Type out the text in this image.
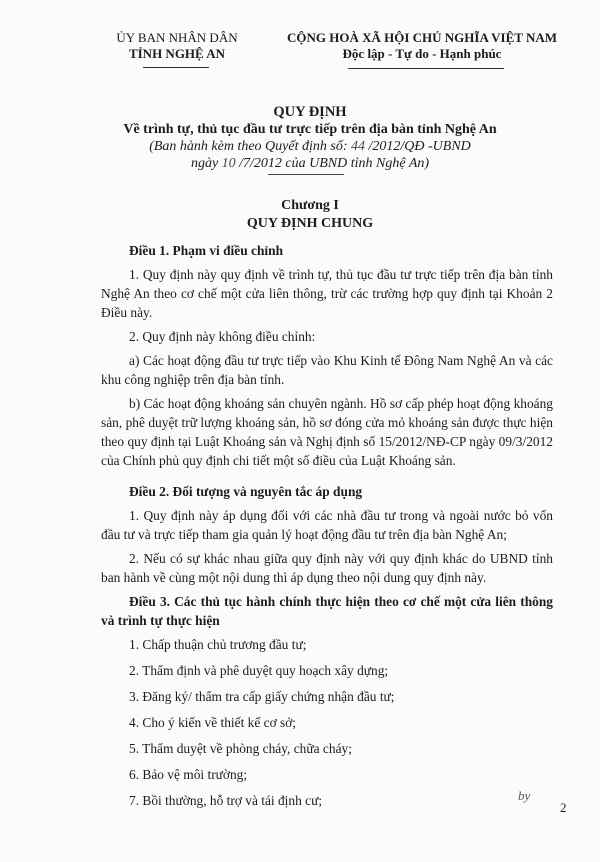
ỦY BAN NHÂN DÂN
TỈNH NGHỆ AN
CỘNG HOÀ XÃ HỘI CHỦ NGHĨA VIỆT NAM
Độc lập - Tự do - Hạnh phúc
QUY ĐỊNH
Về trình tự, thủ tục đầu tư trực tiếp trên địa bàn tỉnh Nghệ An
(Ban hành kèm theo Quyết định số: 44 /2012/QĐ -UBND
ngày 10 /7/2012 của UBND tỉnh Nghệ An)
Chương I
QUY ĐỊNH CHUNG

Điều 1. Phạm vi điều chỉnh

1. Quy định này quy định về trình tự, thủ tục đầu tư trực tiếp trên địa bàn tỉnh Nghệ An theo cơ chế một cửa liên thông, trừ các trường hợp quy định tại Khoản 2 Điều này.

2. Quy định này không điều chỉnh:

a) Các hoạt động đầu tư trực tiếp vào Khu Kinh tế Đông Nam Nghệ An và các khu công nghiệp trên địa bàn tỉnh.

b) Các hoạt động khoáng sản chuyên ngành. Hồ sơ cấp phép hoạt động khoáng sản, phê duyệt trữ lượng khoáng sản, hồ sơ đóng cửa mỏ khoáng sản được thực hiện theo quy định tại Luật Khoáng sản và Nghị định số 15/2012/NĐ-CP ngày 09/3/2012 của Chính phủ quy định chi tiết một số điều của Luật Khoáng sản.

Điều 2. Đối tượng và nguyên tắc áp dụng

1. Quy định này áp dụng đối với các nhà đầu tư trong và ngoài nước bỏ vốn đầu tư và trực tiếp tham gia quản lý hoạt động đầu tư trên địa bàn Nghệ An;

2. Nếu có sự khác nhau giữa quy định này với quy định khác do UBND tỉnh ban hành về cùng một nội dung thì áp dụng theo nội dung quy định này.

Điều 3. Các thủ tục hành chính thực hiện theo cơ chế một cửa liên thông và trình tự thực hiện

1. Chấp thuận chủ trương đầu tư;

2. Thẩm định và phê duyệt quy hoạch xây dựng;

3. Đăng ký/ thẩm tra cấp giấy chứng nhận đầu tư;

4. Cho ý kiến về thiết kế cơ sở;

5. Thẩm duyệt về phòng cháy, chữa cháy;

6. Bảo vệ môi trường;

7. Bồi thường, hỗ trợ và tái định cư;	by
2
